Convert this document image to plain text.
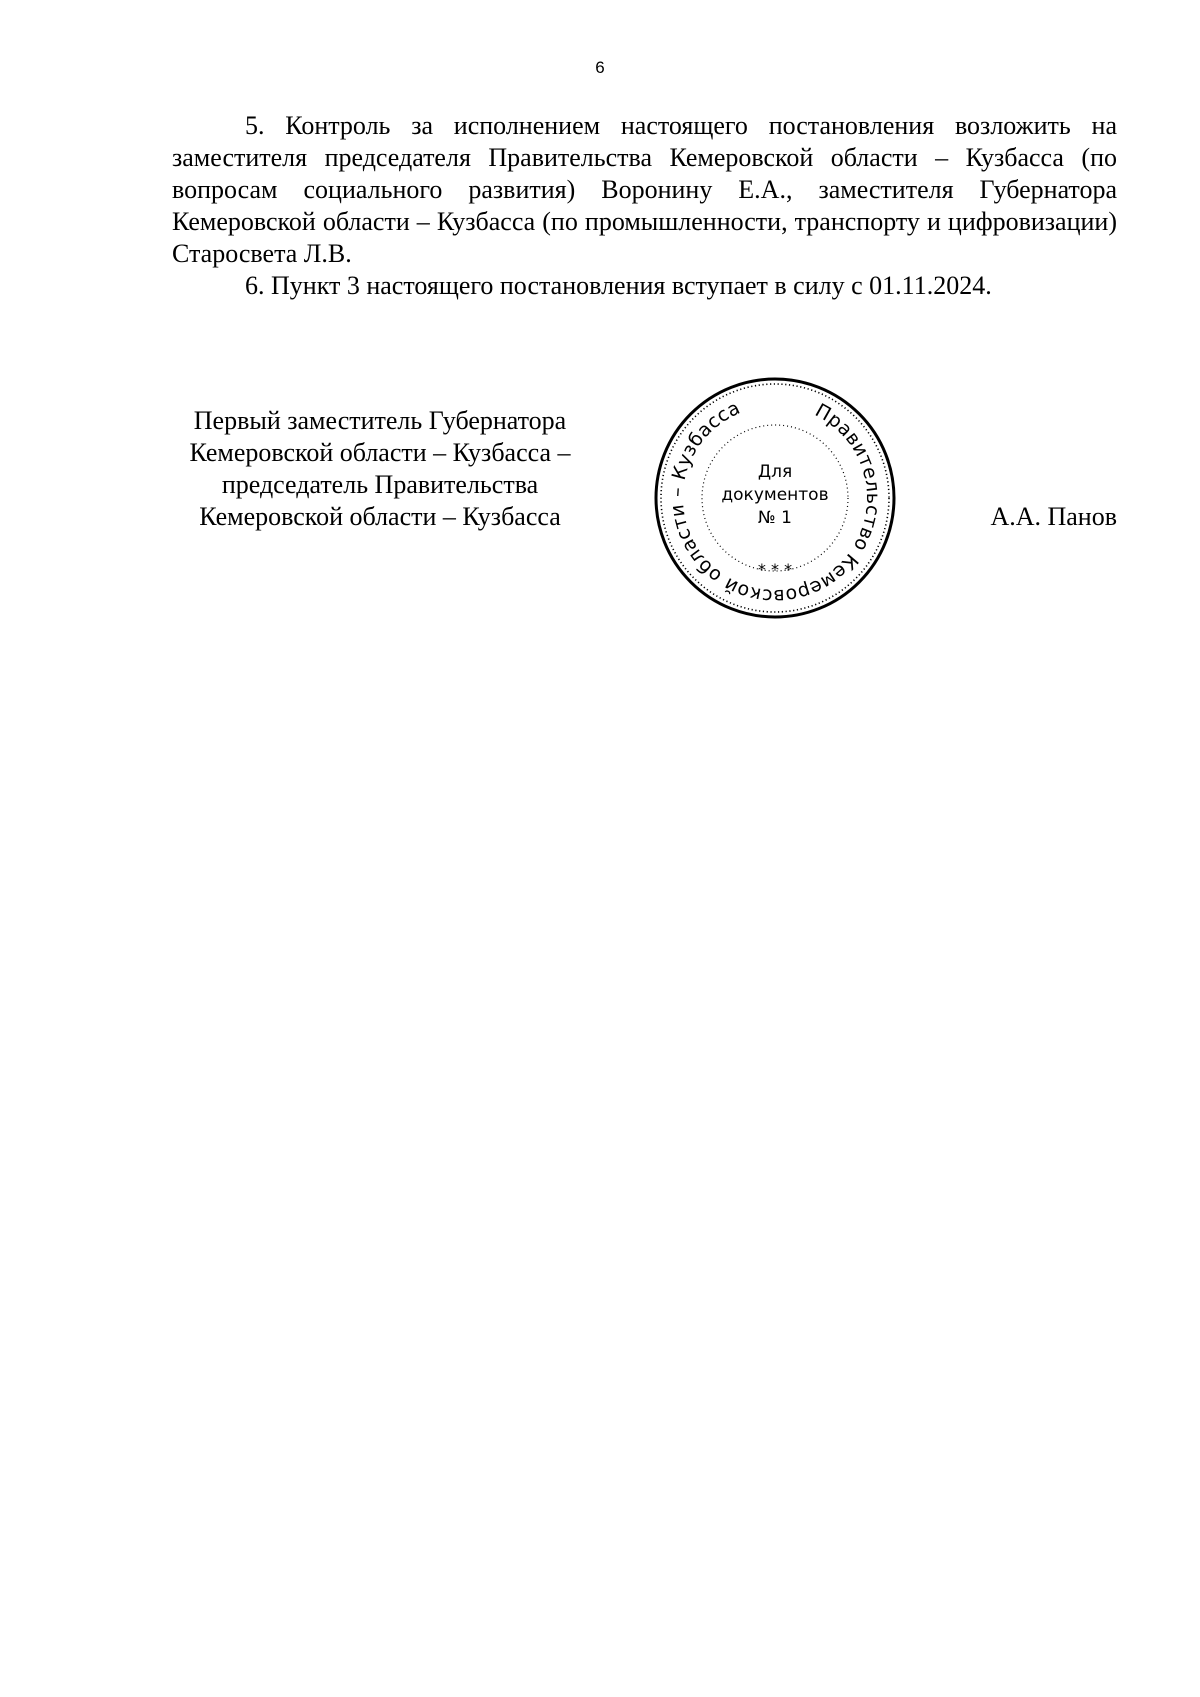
6

5. Контроль за исполнением настоящего постановления возложить на заместителя председателя Правительства Кемеровской области – Кузбасса (по вопросам социального развития) Воронину Е.А., заместителя Губернатора Кемеровской области – Кузбасса (по промышленности, транспорту и цифровизации) Старосвета Л.В.

6. Пункт 3 настоящего постановления вступает в силу с 01.11.2024.

Первый заместитель Губернатора
Кемеровской области – Кузбасса –
председатель Правительства
Кемеровской области – Кузбасса
Правительство Кемеровской области – Кузбасса
* * *
Для
документов
№ 1	А.А. Панов
